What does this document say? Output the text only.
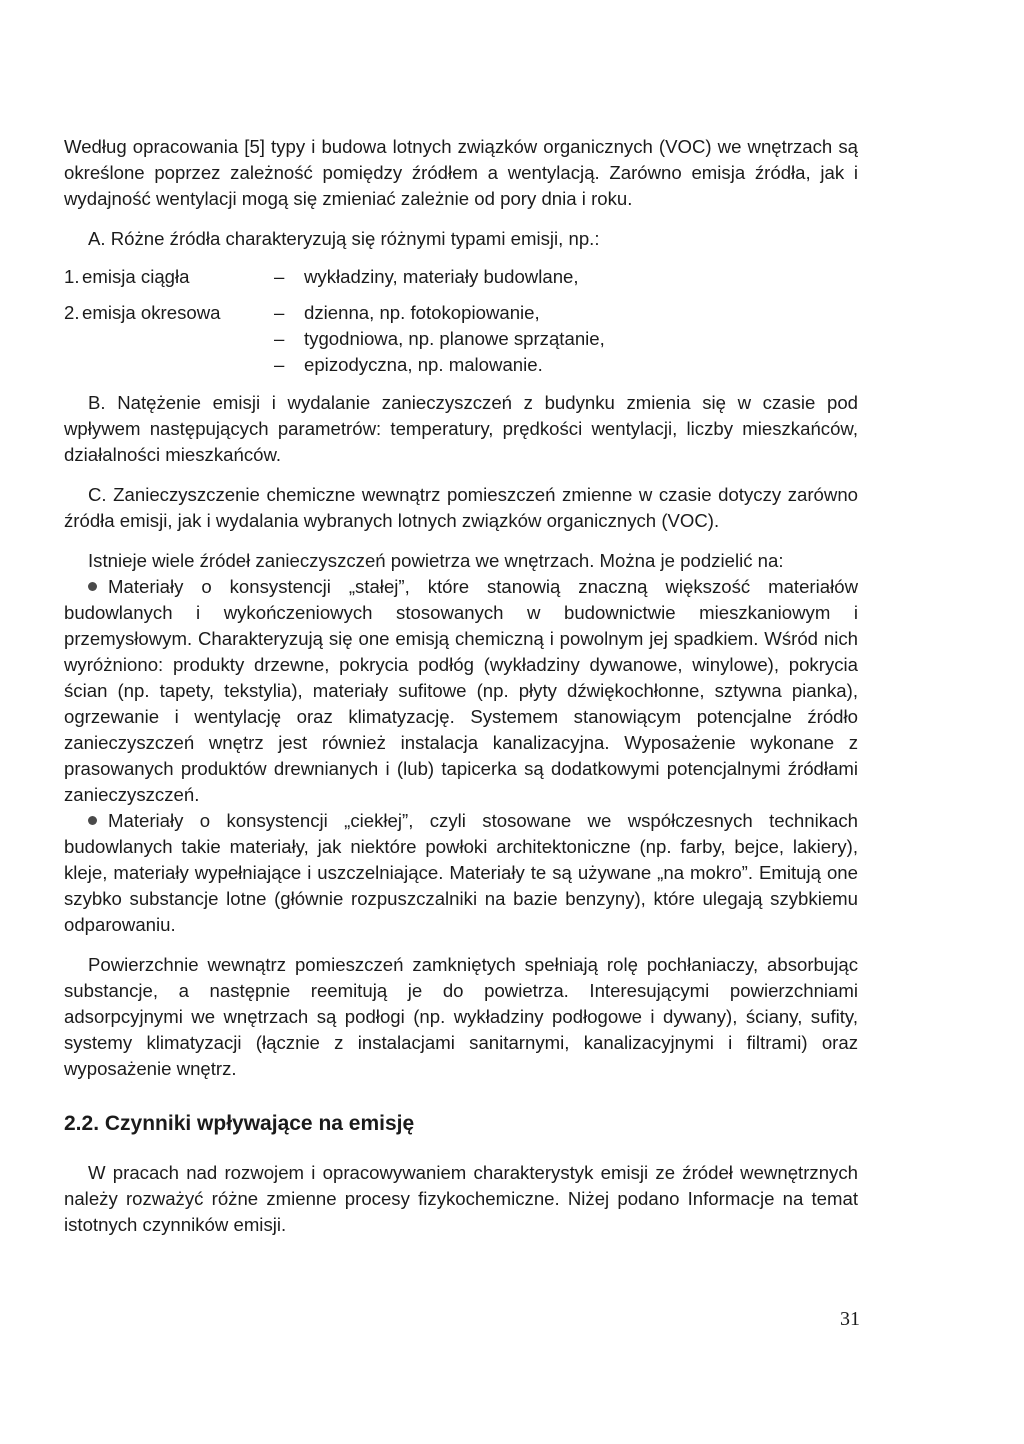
Według opracowania [5] typy i budowa lotnych związków organicznych (VOC) we wnętrzach są określone poprzez zależność pomiędzy źródłem a wentylacją. Zarówno emisja źródła, jak i wydajność wentylacji mogą się zmieniać zależnie od pory dnia i roku.

A. Różne źródła charakteryzują się różnymi typami emisji, np.:

1. emisja ciągła	–	wykładziny, materiały budowlane,
2. emisja okresowa	–	dzienna, np. fotokopiowanie,
–	tygodniowa, np. planowe sprzątanie,
–	epizodyczna, np. malowanie.

B. Natężenie emisji i wydalanie zanieczyszczeń z budynku zmienia się w czasie pod wpływem następujących parametrów: temperatury, prędkości wentylacji, liczby mieszkańców, działalności mieszkańców.

C. Zanieczyszczenie chemiczne wewnątrz pomieszczeń zmienne w czasie dotyczy zarówno źródła emisji, jak i wydalania wybranych lotnych związków organicznych (VOC).

Istnieje wiele źródeł zanieczyszczeń powietrza we wnętrzach. Można je podzielić na:

Materiały o konsystencji „stałej”, które stanowią znaczną większość materiałów budowlanych i wykończeniowych stosowanych w budownictwie mieszkaniowym i przemysłowym. Charakteryzują się one emisją chemiczną i powolnym jej spadkiem. Wśród nich wyróżniono: produkty drzewne, pokrycia podłóg (wykładziny dywanowe, winylowe), pokrycia ścian (np. tapety, tekstylia), materiały sufitowe (np. płyty dźwiękochłonne, sztywna pianka), ogrzewanie i wentylację oraz klimatyzację. Systemem stanowiącym potencjalne źródło zanieczyszczeń wnętrz jest również instalacja kanalizacyjna. Wyposażenie wykonane z prasowanych produktów drewnianych i (lub) tapicerka są dodatkowymi potencjalnymi źródłami zanieczyszczeń.

Materiały o konsystencji „ciekłej”, czyli stosowane we współczesnych technikach budowlanych takie materiały, jak niektóre powłoki architektoniczne (np. farby, bejce, lakiery), kleje, materiały wypełniające i uszczelniające. Materiały te są używane „na mokro”. Emitują one szybko substancje lotne (głównie rozpuszczalniki na bazie benzyny), które ulegają szybkiemu odparowaniu.

Powierzchnie wewnątrz pomieszczeń zamkniętych spełniają rolę pochłaniaczy, absorbując substancje, a następnie reemitują je do powietrza. Interesującymi powierzchniami adsorpcyjnymi we wnętrzach są podłogi (np. wykładziny podłogowe i dywany), ściany, sufity, systemy klimatyzacji (łącznie z instalacjami sanitarnymi, kanalizacyjnymi i filtrami) oraz wyposażenie wnętrz.

2.2. Czynniki wpływające na emisję

W pracach nad rozwojem i opracowywaniem charakterystyk emisji ze źródeł wewnętrznych należy rozważyć różne zmienne procesy fizykochemiczne. Niżej podano Informacje na temat istotnych czynników emisji.

31
